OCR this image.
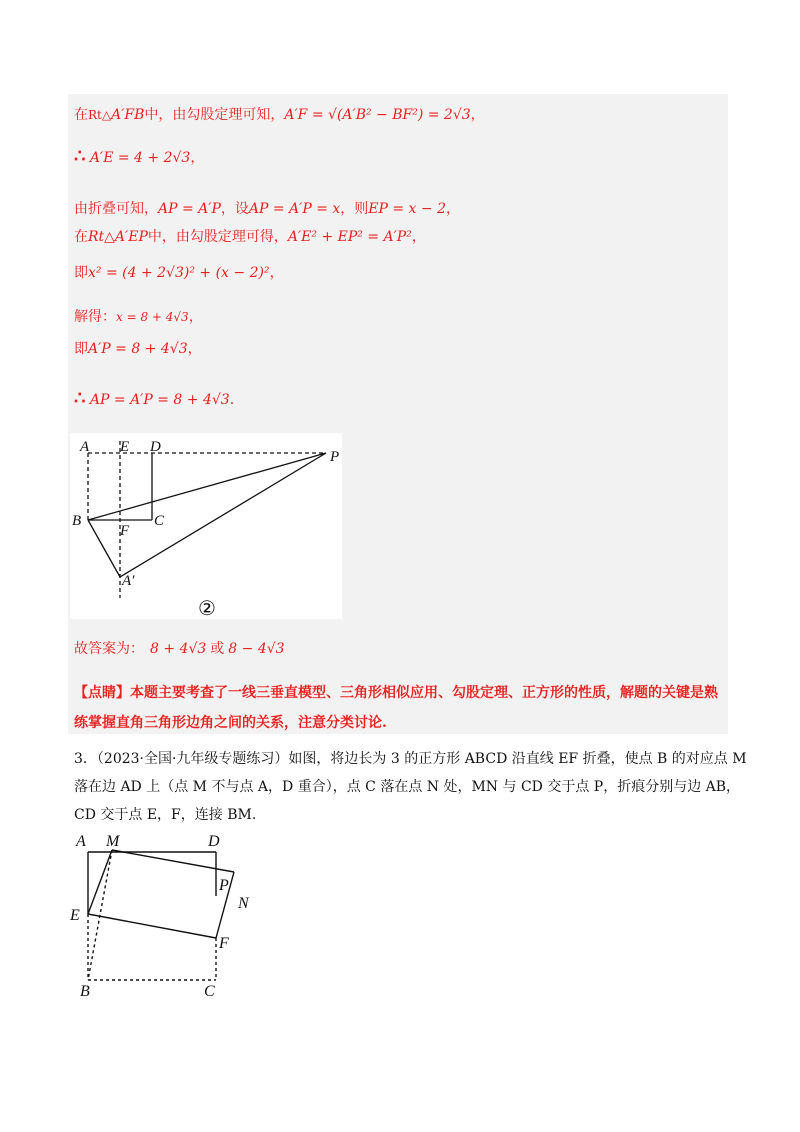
在Rt△A′FB中，由勾股定理可知，A′F = √(A′B² − BF²) = 2√3，
∴ A′E = 4 + 2√3，
由折叠可知，AP = A′P，设AP = A′P = x，则EP = x − 2，
在Rt△A′EP中，由勾股定理可得，A′E² + EP² = A′P²，
即x² = (4 + 2√3)² + (x − 2)²，
解得：x = 8 + 4√3，
即A′P = 8 + 4√3，
∴ AP = A′P = 8 + 4√3.
A E D
P
B
F
C
A′
②
故答案为： 8 + 4√3 或 8 − 4√3
【点睛】本题主要考查了一线三垂直模型、三角形相似应用、勾股定理、正方形的性质，解题的关键是熟
练掌握直角三角形边角之间的关系，注意分类讨论.
3．（2023·全国·九年级专题练习）如图，将边长为 3 的正方形 ABCD 沿直线 EF 折叠，使点 B 的对应点 M
落在边 AD 上（点 M 不与点 A，D 重合），点 C 落在点 N 处，MN 与 CD 交于点 P，折痕分别与边 AB，
CD 交于点 E，F，连接 BM.
A M	D
P
N
E
F
B	C
